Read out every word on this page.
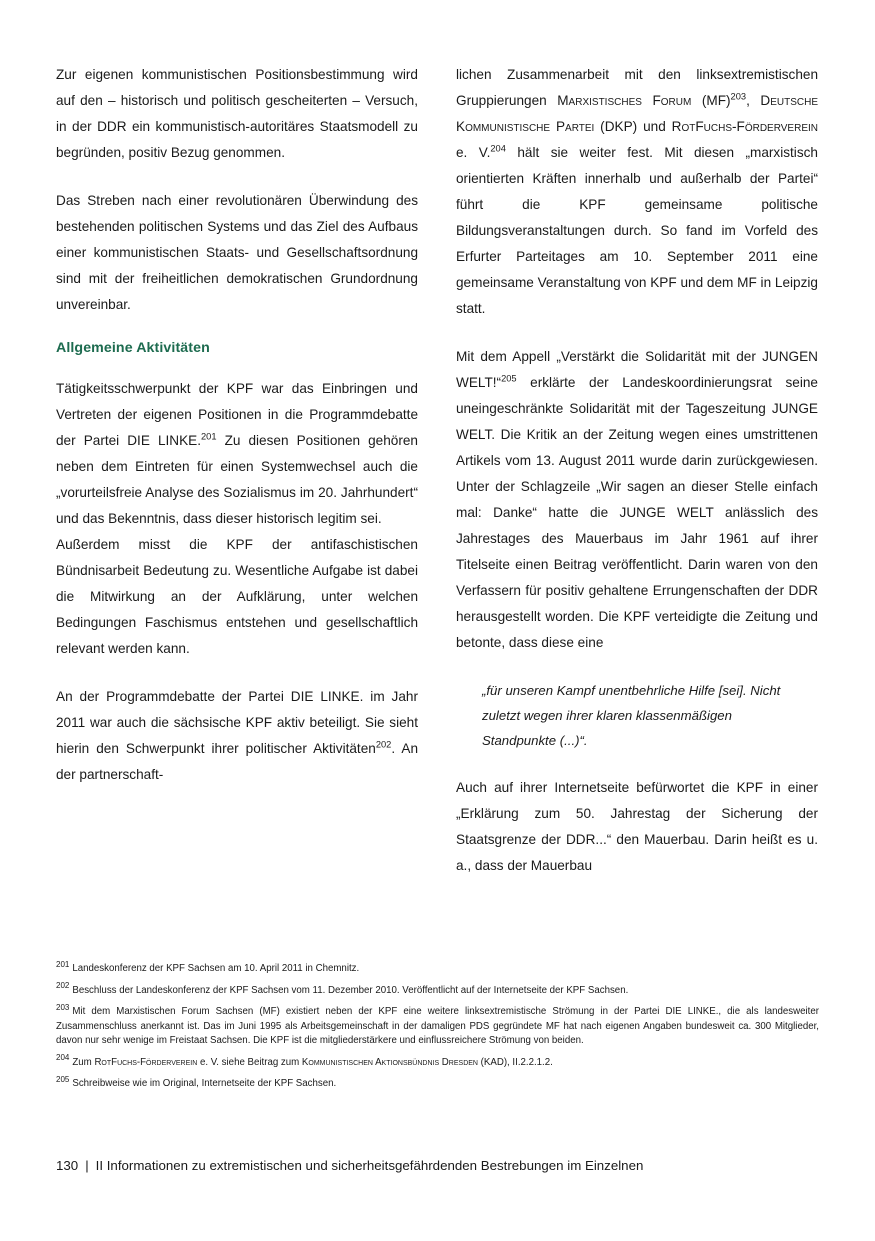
Zur eigenen kommunistischen Positionsbestimmung wird auf den – historisch und politisch gescheiterten – Versuch, in der DDR ein kommunistisch-autoritäres Staatsmodell zu begründen, positiv Bezug genommen.

Das Streben nach einer revolutionären Überwindung des bestehenden politischen Systems und das Ziel des Aufbaus einer kommunistischen Staats- und Gesellschaftsordnung sind mit der freiheitlichen demokratischen Grundordnung unvereinbar.

Allgemeine Aktivitäten

Tätigkeitsschwerpunkt der KPF war das Einbringen und Vertreten der eigenen Positionen in die Programmdebatte der Partei DIE LINKE.$^{201}$ Zu diesen Positionen gehören neben dem Eintreten für einen Systemwechsel auch die „vorurteilsfreie Analyse des Sozialismus im 20. Jahrhundert“ und das Bekenntnis, dass dieser historisch legitim sei.

Außerdem misst die KPF der antifaschistischen Bündnisarbeit Bedeutung zu. Wesentliche Aufgabe ist dabei die Mitwirkung an der Aufklärung, unter welchen Bedingungen Faschismus entstehen und gesellschaftlich relevant werden kann.

An der Programmdebatte der Partei DIE LINKE. im Jahr 2011 war auch die sächsische KPF aktiv beteiligt. Sie sieht hierin den Schwerpunkt ihrer politischer Aktivitäten$^{202}$. An der partnerschaft-

lichen Zusammenarbeit mit den linksextremistischen Gruppierungen Marxistisches Forum (MF)$^{203}$, Deutsche Kommunistische Partei (DKP) und RotFuchs-Förderverein e. V.$^{204}$ hält sie weiter fest. Mit diesen „marxistisch orientierten Kräften innerhalb und außerhalb der Partei“ führt die KPF gemeinsame politische Bildungsveranstaltungen durch. So fand im Vorfeld des Erfurter Parteitages am 10. September 2011 eine gemeinsame Veranstaltung von KPF und dem MF in Leipzig statt.

Mit dem Appell „Verstärkt die Solidarität mit der JUNGEN WELT!“$^{205}$ erklärte der Landeskoordinierungsrat seine uneingeschränkte Solidarität mit der Tageszeitung JUNGE WELT. Die Kritik an der Zeitung wegen eines umstrittenen Artikels vom 13. August 2011 wurde darin zurückgewiesen. Unter der Schlagzeile „Wir sagen an dieser Stelle einfach mal: Danke“ hatte die JUNGE WELT anlässlich des Jahrestages des Mauerbaus im Jahr 1961 auf ihrer Titelseite einen Beitrag veröffentlicht. Darin waren von den Verfassern für positiv gehaltene Errungenschaften der DDR herausgestellt worden. Die KPF verteidigte die Zeitung und betonte, dass diese eine

„für unseren Kampf unentbehrliche Hilfe [sei]. Nicht zuletzt wegen ihrer klaren klassenmäßigen Standpunkte (...)“.

Auch auf ihrer Internetseite befürwortet die KPF in einer „Erklärung zum 50. Jahrestag der Sicherung der Staatsgrenze der DDR...“ den Mauerbau. Darin heißt es u. a., dass der Mauerbau

$^{201}$ Landeskonferenz der KPF Sachsen am 10. April 2011 in Chemnitz.
$^{202}$ Beschluss der Landeskonferenz der KPF Sachsen vom 11. Dezember 2010. Veröffentlicht auf der Internetseite der KPF Sachsen.
$^{203}$ Mit dem Marxistischen Forum Sachsen (MF) existiert neben der KPF eine weitere linksextremistische Strömung in der Partei DIE LINKE., die als landesweiter Zusammenschluss anerkannt ist. Das im Juni 1995 als Arbeitsgemeinschaft in der damaligen PDS gegründete MF hat nach eigenen Angaben bundesweit ca. 300 Mitglieder, davon nur sehr wenige im Freistaat Sachsen. Die KPF ist die mitgliederstärkere und einflussreichere Strömung von beiden.
$^{204}$ Zum RotFuchs-Förderverein e. V. siehe Beitrag zum Kommunistischen Aktionsbündnis Dresden (KAD), II.2.2.1.2.
$^{205}$ Schreibweise wie im Original, Internetseite der KPF Sachsen.
130 | II Informationen zu extremistischen und sicherheitsgefährdenden Bestrebungen im Einzelnen
